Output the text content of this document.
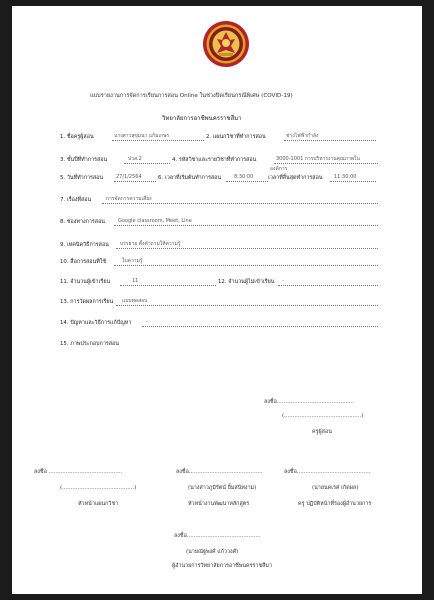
แบบรายงานการจัดการเรียนการสอน Online ในช่วงปิดเรียนกรณีพิเศษ (COVID-19)
วิทยาลัยการอาชีพนครราชสีมา
1. ชื่อครูผู้สอน	นางสาวสุขุมนา แก้มเกษร	2. แผนกวิชาที่ทำการสอน	ช่างไฟฟ้ากำลัง
3. ชั้นปีที่ทำการสอน	ปวส.2	4. รหัสวิชาและรายวิชาที่ทำการสอน	3000-1001 การบริหารงานคุณภาพใน
องค์การ
5. วันที่ทำการสอน	27/1/2564	6. เวลาที่เริ่มต้นทำการสอน	8:30:00	เวลาที่สิ้นสุดทำการสอน 11:30:00
7. เรื่องที่สอน	การจัดการความเสี่ยง
8. ช่องทางการสอน	Google classroom, Meet, Line
9. เทคนิควิธีการสอน บรรยาย ตั้งคำถามให้ความรู้
10. สื่อการสอนที่ใช้	ใบความรู้
11. จำนวนผู้เข้าเรียน	11	12. จำนวนผู้ไม่เข้าเรียน -
13. การวัดผลการเรียน แบบทดสอบ
14. ปัญหาและวิธีการแก้ปัญหา	-
15. ภาพประกอบการสอน
ลงชื่อ.............................................
(.............................................)
ครูผู้สอน
ลงชื่อ ...........................................
(..........................................)
หัวหน้าแผนกวิชา
ลงชื่อ...........................................
(นางสาวภูมิรัตน์ ยิ้มสนิทงาม)
หัวหน้างานพัฒนาหลักสูตร
ลงชื่อ...........................................
(นายนคเรศ เกิดผล)
ครู ปฏิบัติหน้าที่รองผู้อำนวยการ
ลงชื่อ...........................................
(นายณัฐพงศ์ แก้ววงศ์)
ผู้อำนวยการวิทยาลัยการอาชีพนครราชสีมา
